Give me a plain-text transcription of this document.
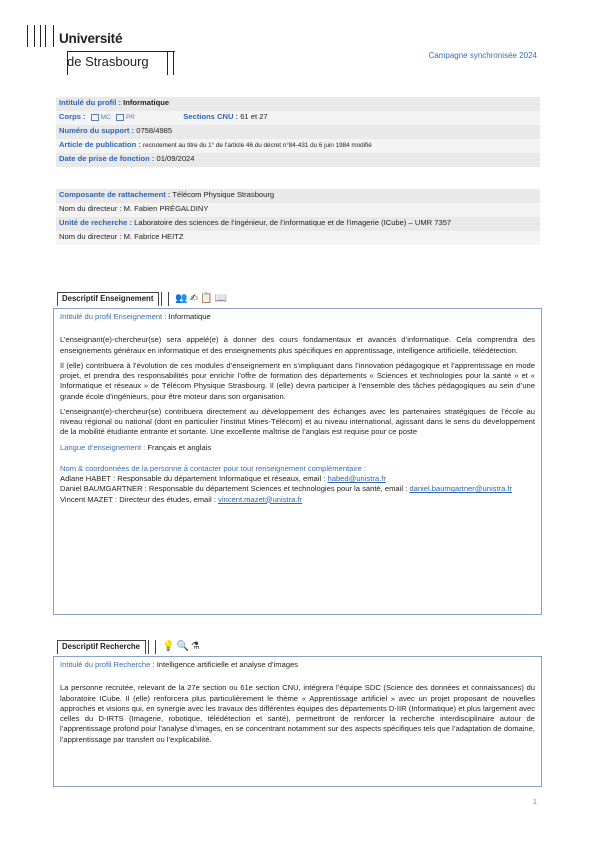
Université
de Strasbourg	Campagne synchronisée 2024
Intitulé du profil : Informatique
Corps : MC PR	Sections CNU : 61 et 27
Numéro du support : 0758/4985
Article de publication : recrutement au titre du 1° de l’article 46 du décret n°84-431 du 6 juin 1984 modifié
Date de prise de fonction : 01/09/2024
Composante de rattachement : Télécom Physique Strasbourg
Nom du directeur : M. Fabien PRÉGALDINY
Unité de recherche : Laboratoire des sciences de l’ingénieur, de l’informatique et de l’imagerie (ICube) – UMR 7357
Nom du directeur : M. Fabrice HEITZ
Descriptif Enseignement	👥✍📋📖

Intitulé du profil Enseignement : Informatique

L’enseignant(e)-chercheur(se) sera appelé(e) à donner des cours fondamentaux et avancés d’informatique. Cela comprendra des enseignements généraux en informatique et des enseignements plus spécifiques en apprentissage, intelligence artificielle, télédétection.

Il (elle) contribuera à l’évolution de ces modules d’enseignement en s’impliquant dans l’innovation pédagogique et l’apprentissage en mode projet, et prendra des responsabilités pour enrichir l’offre de formation des départements « Sciences et technologies pour la santé » et « Informatique et réseaux » de Télécom Physique Strasbourg. Il (elle) devra participer à l’ensemble des tâches pédagogiques au sein d’une grande école d’ingénieurs, pour être moteur dans son organisation.

L’enseignant(e)-chercheur(se) contribuera directement au développement des échanges avec les partenaires stratégiques de l’école au niveau régional ou national (dont en particulier l’institut Mines-Télécom) et au niveau international, agissant dans le sens du développement de la mobilité étudiante entrante et sortante. Une excellente maîtrise de l’anglais est requise pour ce poste

Langue d’enseignement : Français et anglais

Nom & coordonnées de la personne à contacter pour tout renseignement complémentaire :
Adlane HABET : Responsable du département Informatique et réseaux, email : habed@unistra.fr
Daniel BAUMGARTNER : Responsable du département Sciences et technologies pour la santé, email : daniel.baumgartner@unistra.fr
Vincent MAZET : Directeur des études, email : vincent.mazet@unistra.fr
Descriptif Recherche	💡🔍⚗

Intitulé du profil Recherche : Intelligence artificielle et analyse d’images

La personne recrutée, relevant de la 27e section ou 61e section CNU, intégrera l’équipe SDC (Science des données et connaissances) du laboratoire ICube. Il (elle) renforcera plus particulièrement le thème « Apprentissage artificiel » avec un projet proposant de nouvelles approches et visions qui, en synergie avec les travaux des différentes équipes des départements D-IIR (Informatique) et plus largement avec celles du D-IRTS (Imagerie, robotique, télédétection et santé), permettront de renforcer la recherche interdisciplinaire autour de l’apprentissage profond pour l’analyse d’images, en se concentrant notamment sur des aspects spécifiques tels que l’adaptation de domaine, l’apprentissage par transfert ou l’explicabilité.

1
